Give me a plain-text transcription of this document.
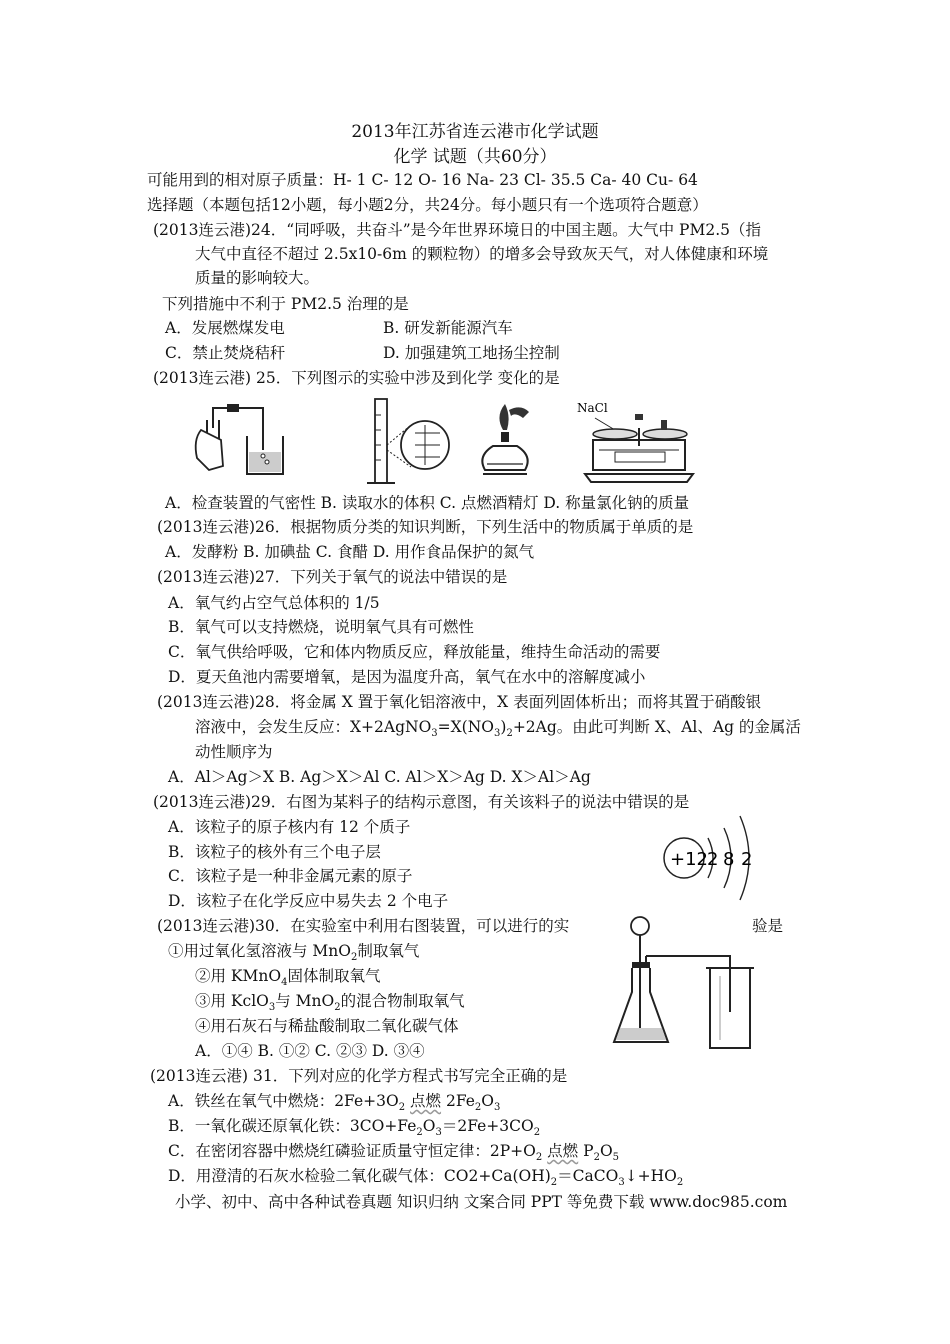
2013年江苏省连云港市化学试题
化学 试题（共60分）
可能用到的相对原子质量：H- 1 C- 12 O- 16 Na- 23 Cl- 35.5 Ca- 40 Cu- 64
选择题（本题包括12小题，每小题2分，共24分。每小题只有一个选项符合题意）
(2013连云港)24．“同呼吸，共奋斗”是今年世界环境日的中国主题。大气中 PM2.5（指
大气中直径不超过 2.5x10-6m 的颗粒物）的增多会导致灰天气，对人体健康和环境
质量的影响较大。
下列措施中不利于 PM2.5 治理的是
A．发展燃煤发电	B. 研发新能源汽车
C．禁止焚烧秸秆	D. 加强建筑工地扬尘控制
(2013连云港) 25．下列图示的实验中涉及到化学 变化的是
NaCl
A．检查装置的气密性 B. 读取水的体积 C. 点燃酒精灯 D. 称量氯化钠的质量
(2013连云港)26．根据物质分类的知识判断，下列生活中的物质属于单质的是
A．发酵粉 B. 加碘盐 C. 食醋 D. 用作食品保护的氮气
(2013连云港)27．下列关于氧气的说法中错误的是
A．氧气约占空气总体积的 1/5
B．氧气可以支持燃烧，说明氧气具有可燃性
C．氧气供给呼吸，它和体内物质反应，释放能量，维持生命活动的需要
D．夏天鱼池内需要增氧，是因为温度升高，氧气在水中的溶解度减小
(2013连云港)28．将金属 X 置于氧化铝溶液中，X 表面列固体析出；而将其置于硝酸银
溶液中，会发生反应：$X+2AgNO_3=X(NO_3)_2+2Ag$。由此可判断 X、Al、Ag 的金属活
动性顺序为
A．Al＞Ag＞X B. Ag＞X＞Al C. Al＞X＞Ag D. X＞Al＞Ag
(2013连云港)29．右图为某料子的结构示意图，有关该料子的说法中错误的是
A．该粒子的原子核内有 12 个质子
B．该粒子的核外有三个电子层
C．该粒子是一种非金属元素的原子
D．该粒子在化学反应中易失去 2 个电子
+12 2 8 2
(2013连云港)30．在实验室中利用右图装置，可以进行的实	验是
①用过氧化氢溶液与 MnO$_2$制取氧气
②用 KMnO$_4$固体制取氧气
③用 KclO$_3$与 MnO$_2$的混合物制取氧气
④用石灰石与稀盐酸制取二氧化碳气体
A．①④ B. ①② C. ②③ D. ③④
(2013连云港) 31．下列对应的化学方程式书写完全正确的是
A．铁丝在氧气中燃烧：$2Fe+3O_2$ 点燃 $2Fe_2O_3$
B．一氧化碳还原氧化铁：$3CO+Fe_2O_3=2Fe+3CO_2$
C．在密闭容器中燃烧红磷验证质量守恒定律：$2P+O_2$ 点燃 $P_2O_5$
D．用澄清的石灰水检验二氧化碳气体：$CO2+Ca(OH)_2=CaCO_3↓+HO_2$
小学、初中、高中各种试卷真题 知识归纳 文案合同 PPT 等免费下载 www.doc985.com
